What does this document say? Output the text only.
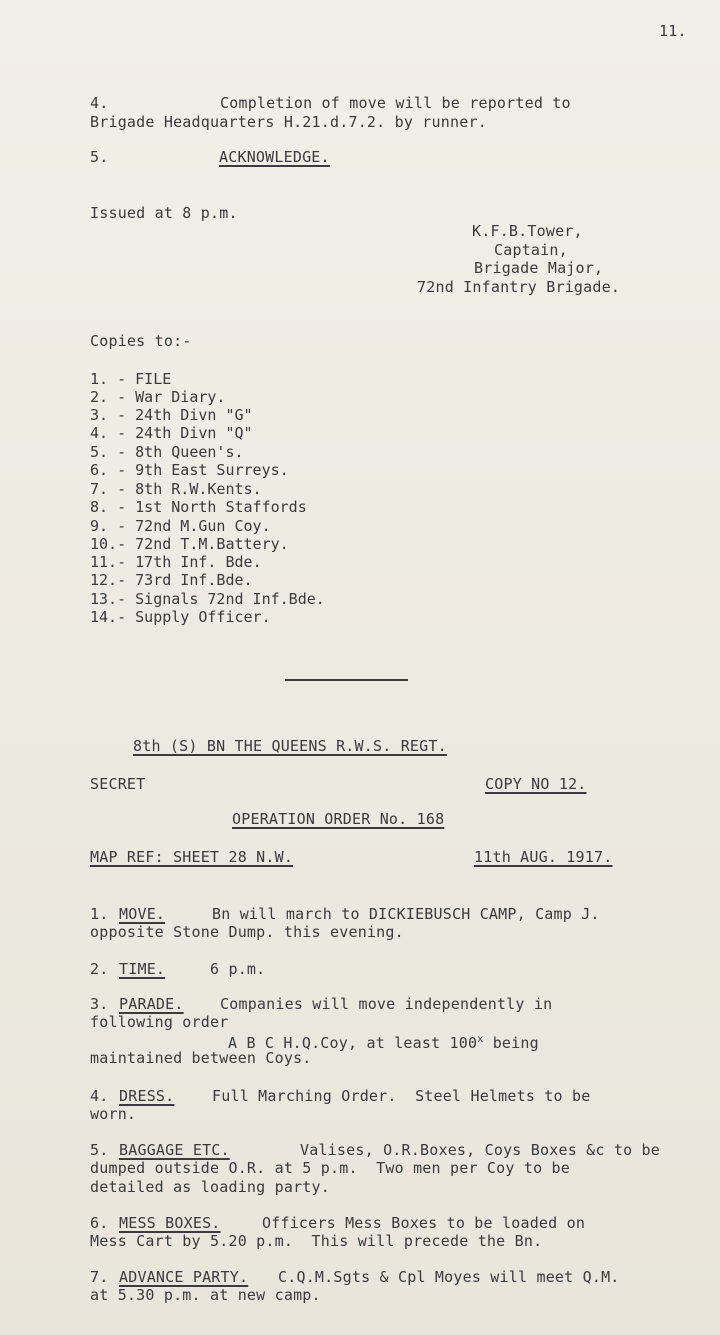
11.
4.	Completion of move will be reported to
Brigade Headquarters H.21.d.7.2. by runner.
5.	ACKNOWLEDGE.
Issued at 8 p.m.
K.F.B.Tower,
Captain,
Brigade Major,
72nd Infantry Brigade.
Copies to:-
1. - FILE
2. - War Diary.
3. - 24th Divn "G"
4. - 24th Divn "Q"
5. - 8th Queen's.
6. - 9th East Surreys.
7. - 8th R.W.Kents.
8. - 1st North Staffords
9. - 72nd M.Gun Coy.
10.- 72nd T.M.Battery.
11.- 17th Inf. Bde.
12.- 73rd Inf.Bde.
13.- Signals 72nd Inf.Bde.
14.- Supply Officer.
8th (S) BN THE QUEENS R.W.S. REGT.
SECRET	COPY NO 12.
OPERATION ORDER No. 168
MAP REF: SHEET 28 N.W.	11th AUG. 1917.
1. MOVE.	Bn will march to DICKIEBUSCH CAMP, Camp J.
opposite Stone Dump. this evening.
2. TIME.	6 p.m.
3. PARADE. Companies will move independently in
following order
A B C H.Q.Coy, at least 100$^x$ being
maintained between Coys.
4. DRESS.	Full Marching Order.  Steel Helmets to be
worn.
5. BAGGAGE ETC.	Valises, O.R.Boxes, Coys Boxes &c to be
dumped outside O.R. at 5 p.m.  Two men per Coy to be
detailed as loading party.
6. MESS BOXES.	Officers Mess Boxes to be loaded on
Mess Cart by 5.20 p.m.  This will precede the Bn.
7. ADVANCE PARTY. C.Q.M.Sgts & Cpl Moyes will meet Q.M.
at 5.30 p.m. at new camp.
